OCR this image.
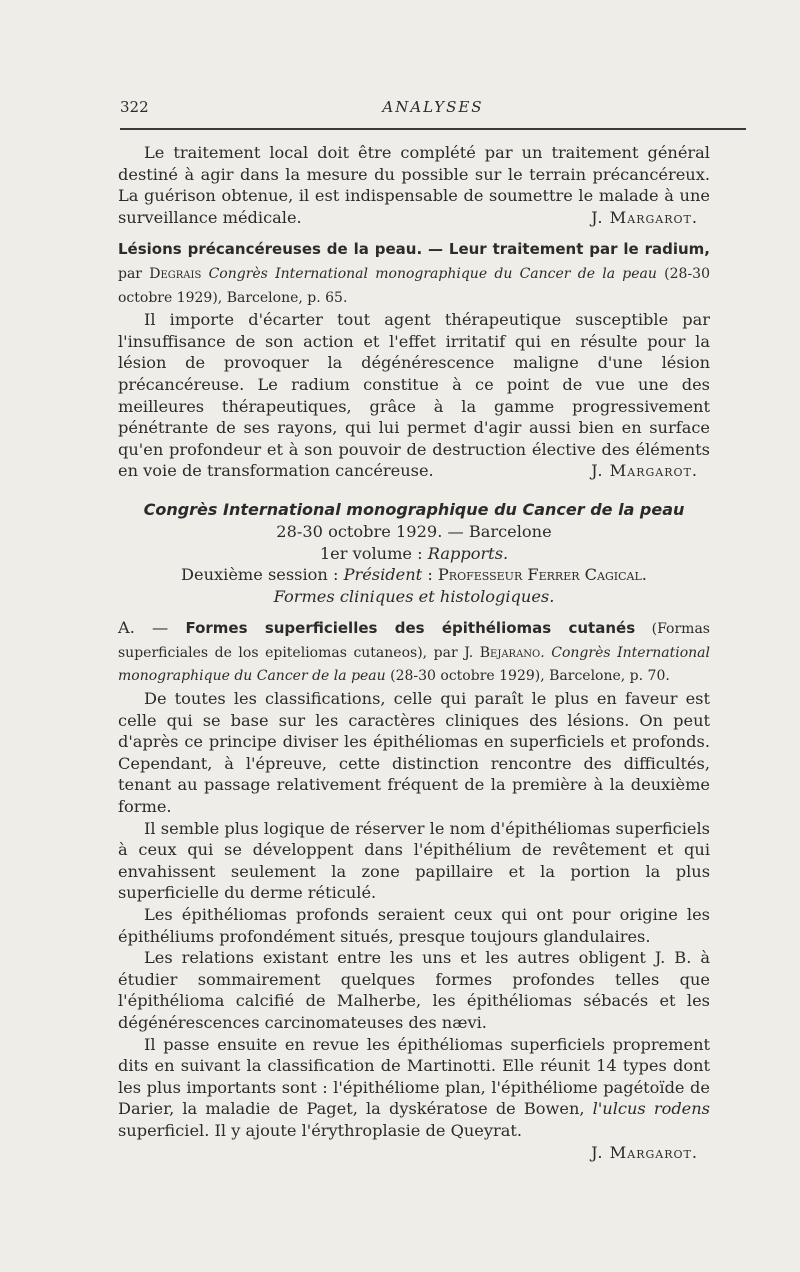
322	ANALYSES

Le traitement local doit être complété par un traitement général destiné à agir dans la mesure du possible sur le terrain précancéreux. La guérison obtenue, il est indispensable de soumettre le malade à une surveillance médicale.	J. Margarot.

Lésions précancéreuses de la peau. — Leur traitement par le radium, par Degrais Congrès International monographique du Cancer de la peau (28-30 octobre 1929), Barcelone, p. 65.

Il importe d'écarter tout agent thérapeutique susceptible par l'insuffisance de son action et l'effet irritatif qui en résulte pour la lésion de provoquer la dégénérescence maligne d'une lésion précancéreuse. Le radium constitue à ce point de vue une des meilleures thérapeutiques, grâce à la gamme progressivement pénétrante de ses rayons, qui lui permet d'agir aussi bien en surface qu'en profondeur et à son pouvoir de destruction élective des éléments en voie de transformation cancéreuse.	J. Margarot.
Congrès International monographique du Cancer de la peau
28-30 octobre 1929. — Barcelone
1er volume : Rapports.
Deuxième session : Président : Professeur Ferrer Cagical.
Formes cliniques et histologiques.

A. — Formes superficielles des épithéliomas cutanés (Formas superficiales de los epiteliomas cutaneos), par J. Bejarano. Congrès International monographique du Cancer de la peau (28-30 octobre 1929), Barcelone, p. 70.

De toutes les classifications, celle qui paraît le plus en faveur est celle qui se base sur les caractères cliniques des lésions. On peut d'après ce principe diviser les épithéliomas en superficiels et profonds. Cependant, à l'épreuve, cette distinction rencontre des difficultés, tenant au passage relativement fréquent de la première à la deuxième forme.

Il semble plus logique de réserver le nom d'épithéliomas superficiels à ceux qui se développent dans l'épithélium de revêtement et qui envahissent seulement la zone papillaire et la portion la plus superficielle du derme réticulé.

Les épithéliomas profonds seraient ceux qui ont pour origine les épithéliums profondément situés, presque toujours glandulaires.

Les relations existant entre les uns et les autres obligent J. B. à étudier sommairement quelques formes profondes telles que l'épithélioma calcifié de Malherbe, les épithéliomas sébacés et les dégénérescences carcinomateuses des nævi.

Il passe ensuite en revue les épithéliomas superficiels proprement dits en suivant la classification de Martinotti. Elle réunit 14 types dont les plus importants sont : l'épithéliome plan, l'épithéliome pagétoïde de Darier, la maladie de Paget, la dyskératose de Bowen, l'ulcus rodens superficiel. Il y ajoute l'érythroplasie de Queyrat.

J. Margarot.
